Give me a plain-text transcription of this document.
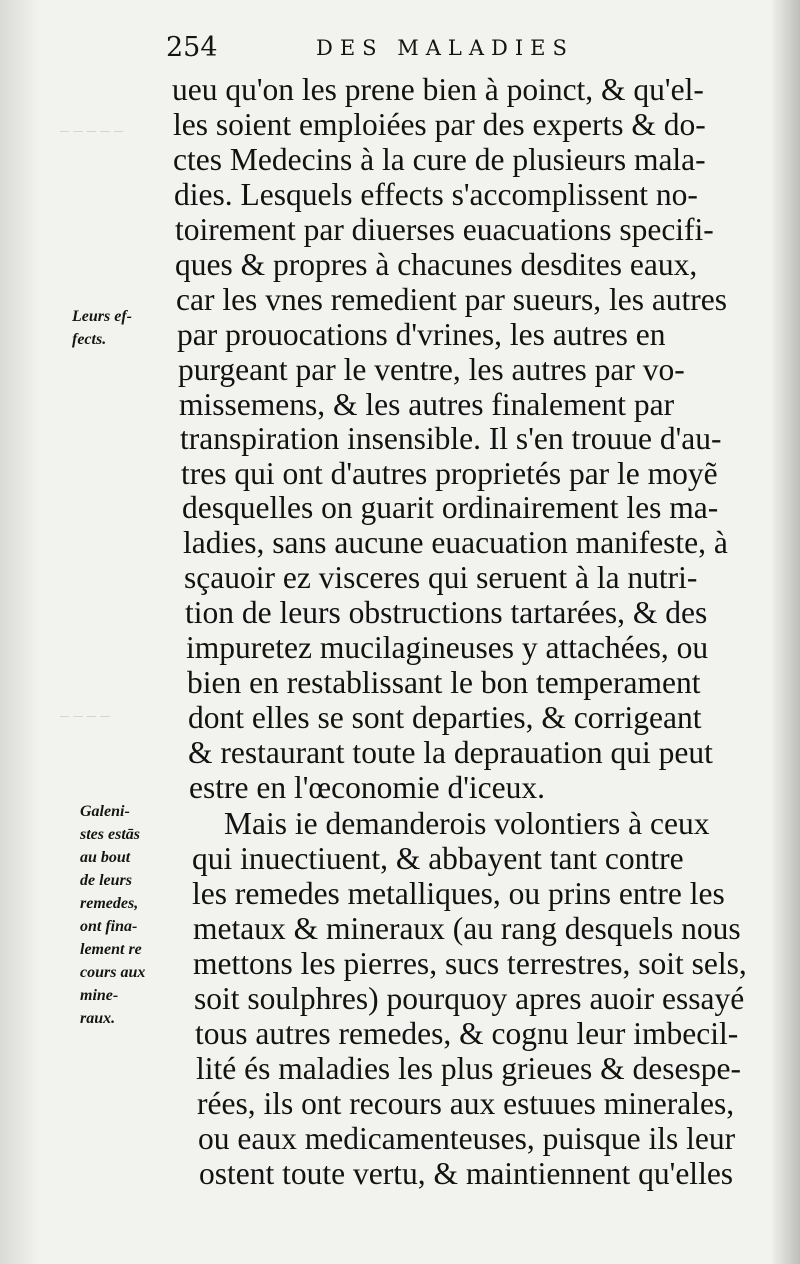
– – – – –
– – – –
254	DES MALADIES
Leurs ef-
fects.
Galeni-
stes estās
au bout
de leurs
remedes,
ont fina-
lement re
cours aux
mine-
raux.
ueu qu'on les prene bien à poinct, & qu'el-
les soient emploiées par des experts & do-
ctes Medecins à la cure de plusieurs mala-
dies. Lesquels effects s'accomplissent no-
toirement par diuerses euacuations specifi-
ques & propres à chacunes desdites eaux,
car les vnes remedient par sueurs, les autres
par prouocations d'vrines, les autres en
purgeant par le ventre, les autres par vo-
missemens, & les autres finalement par
transpiration insensible. Il s'en trouue d'au-
tres qui ont d'autres proprietés par le moyẽ
desquelles on guarit ordinairement les ma-
ladies, sans aucune euacuation manifeste, à
sçauoir ez visceres qui seruent à la nutri-
tion de leurs obstructions tartarées, & des
impuretez mucilagineuses y attachées, ou
bien en restablissant le bon temperament
dont elles se sont departies, & corrigeant
& restaurant toute la deprauation qui peut
estre en l'œconomie d'iceux.
Mais ie demanderois volontiers à ceux
qui inuectiuent, & abbayent tant contre
les remedes metalliques, ou prins entre les
metaux & mineraux (au rang desquels nous
mettons les pierres, sucs terrestres, soit sels,
soit soulphres) pourquoy apres auoir essayé
tous autres remedes, & cognu leur imbecil-
lité és maladies les plus grieues & desespe-
rées, ils ont recours aux estuues minerales,
ou eaux medicamenteuses, puisque ils leur
ostent toute vertu, & maintiennent qu'elles
